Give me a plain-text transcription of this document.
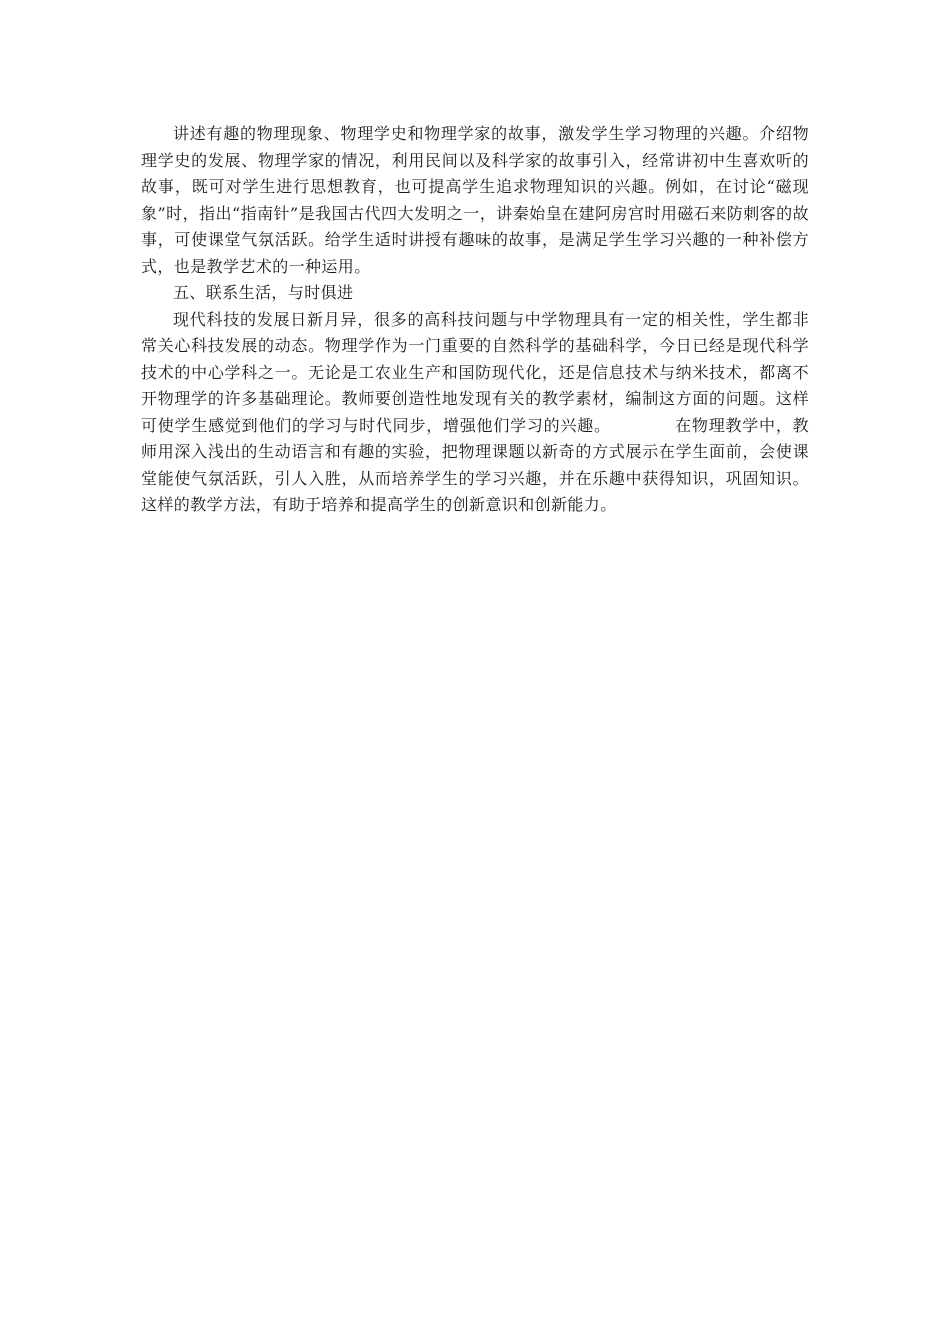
讲述有趣的物理现象、物理学史和物理学家的故事，激发学生学习物理的兴趣。介绍物理学史的发展、物理学家的情况，利用民间以及科学家的故事引入，经常讲初中生喜欢听的故事，既可对学生进行思想教育，也可提高学生追求物理知识的兴趣。例如，在讨论“磁现象”时，指出“指南针”是我国古代四大发明之一，讲秦始皇在建阿房宫时用磁石来防刺客的故事，可使课堂气氛活跃。给学生适时讲授有趣味的故事，是满足学生学习兴趣的一种补偿方式，也是教学艺术的一种运用。

五、联系生活，与时俱进

现代科技的发展日新月异，很多的高科技问题与中学物理具有一定的相关性，学生都非常关心科技发展的动态。物理学作为一门重要的自然科学的基础科学，今日已经是现代科学技术的中心学科之一。无论是工农业生产和国防现代化，还是信息技术与纳米技术，都离不开物理学的许多基础理论。教师要创造性地发现有关的教学素材，编制这方面的问题。这样可使学生感觉到他们的学习与时代同步，增强他们学习的兴趣。	在物理教学中，教师用深入浅出的生动语言和有趣的实验，把物理课题以新奇的方式展示在学生面前，会使课堂能使气氛活跃，引人入胜，从而培养学生的学习兴趣，并在乐趣中获得知识，巩固知识。这样的教学方法，有助于培养和提高学生的创新意识和创新能力。
